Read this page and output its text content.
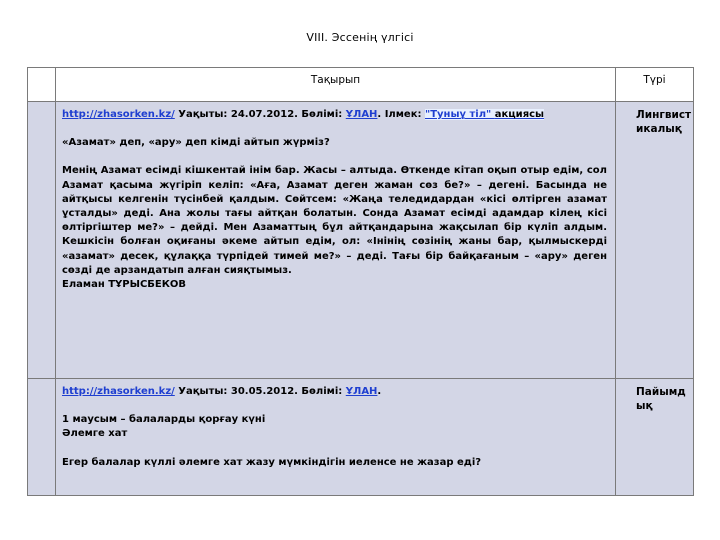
VIII. Эссенің үлгісі

	Тақырып	Түрі

	http://zhasorken.kz/ Уақыты: 24.07.2012. Бөлімі: ҰЛАН. Ілмек: "Туныұ тіл" акциясы

«Азамат» деп, «ару» деп кімді айтып жүрміз?

Менің Азамат есімді кішкентай інім бар. Жасы – алтыда. Өткенде кітап оқып отыр едім, сол Азамат қасыма жүгіріп келіп: «Аға, Азамат деген жаман сөз бе?» – дегені. Басында не айтқысы келгенін түсінбей қалдым. Сөйтсем: «Жаңа теледидардан «кісі өлтірген азамат ұсталды» деді. Ана жолы тағы айтқан болатын. Сонда Азамат есімді адамдар кілең кісі өлтіргіштер ме?» – дейді. Мен Азаматтың бұл айтқандарына жақсылап бір күліп алдым. Кешкісін болған оқиғаны әкеме айтып едім, ол: «Інінің сөзінің жаны бар, қылмыскерді «азамат» десек, құлаққа түрпідей тимей ме?» – деді. Тағы бір байқағаным – «ару» деген сөзді де арзандатып алған сияқтымыз.

Еламан ТҰРЫСБЕКОВ	Лингвист икалық

	http://zhasorken.kz/ Уақыты: 30.05.2012. Бөлімі: ҰЛАН.

1 маусым – балаларды қорғау күні

Әлемге хат

Егер балалар күллі әлемге хат жазу мүмкіндігін иеленсе не жазар еді?	Пайымд ық
